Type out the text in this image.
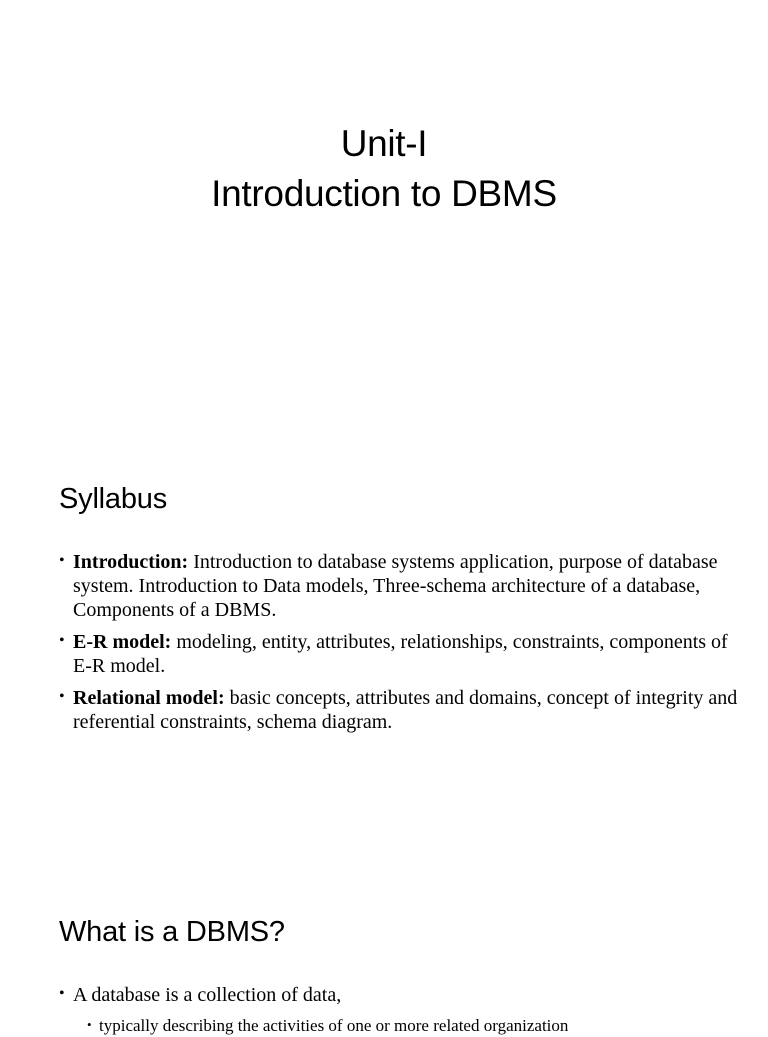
Unit-I
Introduction to DBMS
Syllabus
• Introduction: Introduction to database systems application, purpose of database system. Introduction to Data models, Three-schema architecture of a database, Components of a DBMS.
• E-R model: modeling, entity, attributes, relationships, constraints, components of E-R model.
• Relational model: basic concepts, attributes and domains, concept of integrity and referential constraints, schema diagram.
What is a DBMS?
• A database is a collection of data,
• typically describing the activities of one or more related organization
